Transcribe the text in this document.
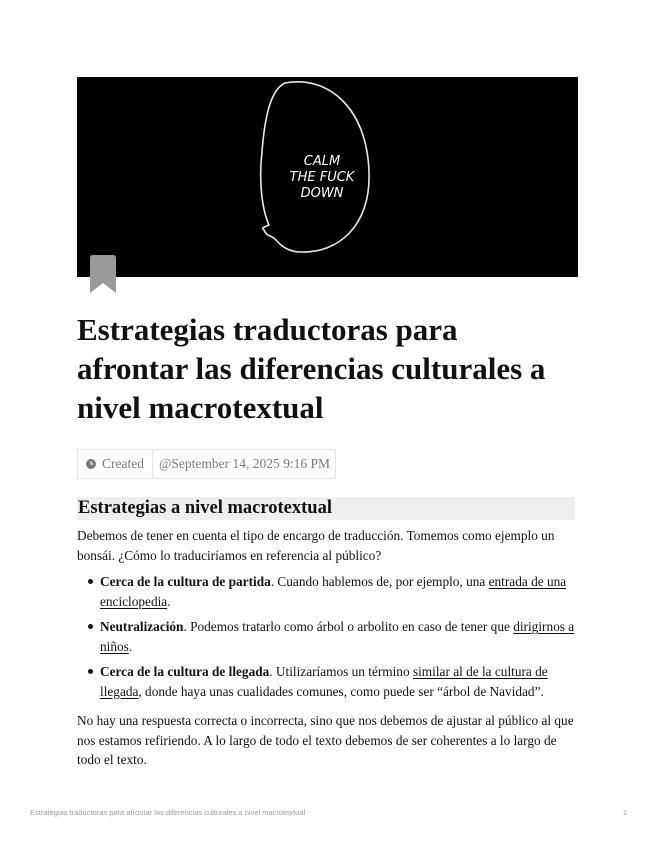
CALM
THE FUCK
DOWN
Estrategias traductoras para afrontar las diferencias culturales a nivel macrotextual
Created	@September 14, 2025 9:16 PM
Estrategias a nivel macrotextual

Debemos de tener en cuenta el tipo de encargo de traducción. Tomemos como ejemplo un bonsái. ¿Cómo lo traduciríamos en referencia al público?

Cerca de la cultura de partida. Cuando hablemos de, por ejemplo, una entrada de una enciclopedia.
Neutralización. Podemos tratarlo como árbol o arbolito en caso de tener que dirigirnos a niños.
Cerca de la cultura de llegada. Utilizaríamos un término similar al de la cultura de llegada, donde haya unas cualidades comunes, como puede ser “árbol de Navidad”.

No hay una respuesta correcta o incorrecta, sino que nos debemos de ajustar al público al que nos estamos refiriendo. A lo largo de todo el texto debemos de ser coherentes a lo largo de todo el texto.

Estrategias traductoras para afrontar las diferencias culturales a nivel macrotextual	1
